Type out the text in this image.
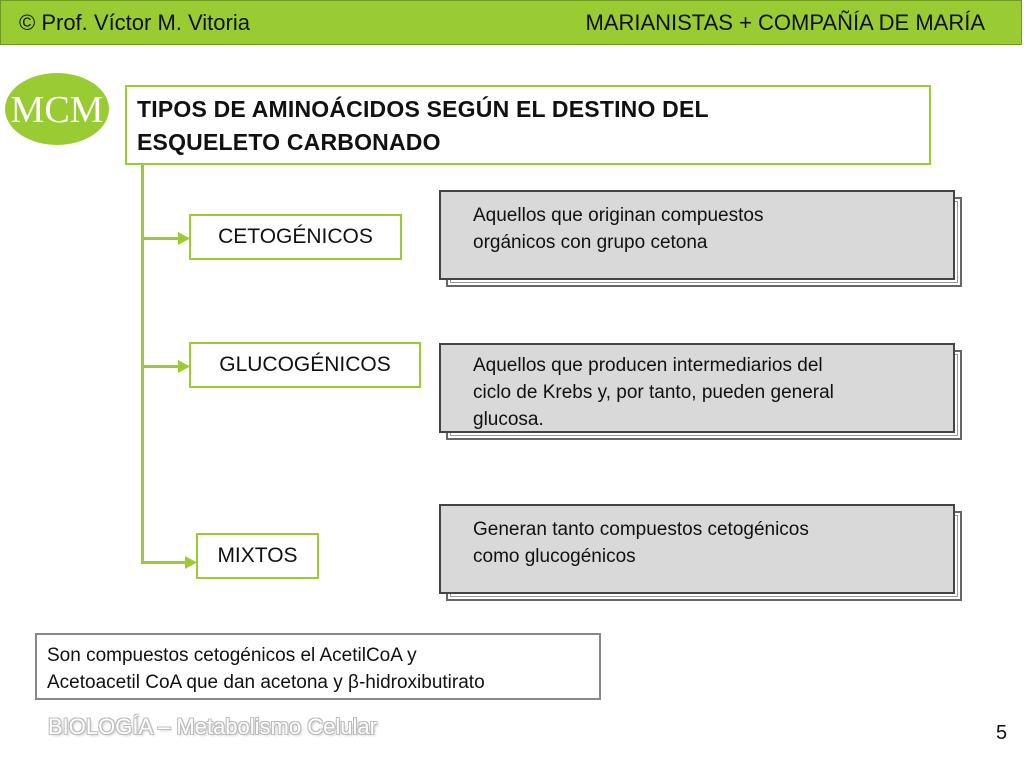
© Prof. Víctor M. Vitoria	MARIANISTAS + COMPAÑÍA DE MARÍA
MCM TIPOS DE AMINOÁCIDOS SEGÚN EL DESTINO DEL
ESQUELETO CARBONADO
CETOGÉNICOS
GLUCOGÉNICOS
MIXTOS
Aquellos que originan compuestos
orgánicos con grupo cetona
Aquellos que producen intermediarios del
ciclo de Krebs y, por tanto, pueden general
glucosa.
Generan tanto compuestos cetogénicos
como glucogénicos
Son compuestos cetogénicos el AcetilCoA y
Acetoacetil CoA que dan acetona y β-hidroxibutirato
BIOLOGÍA – Metabolismo Celular	5
